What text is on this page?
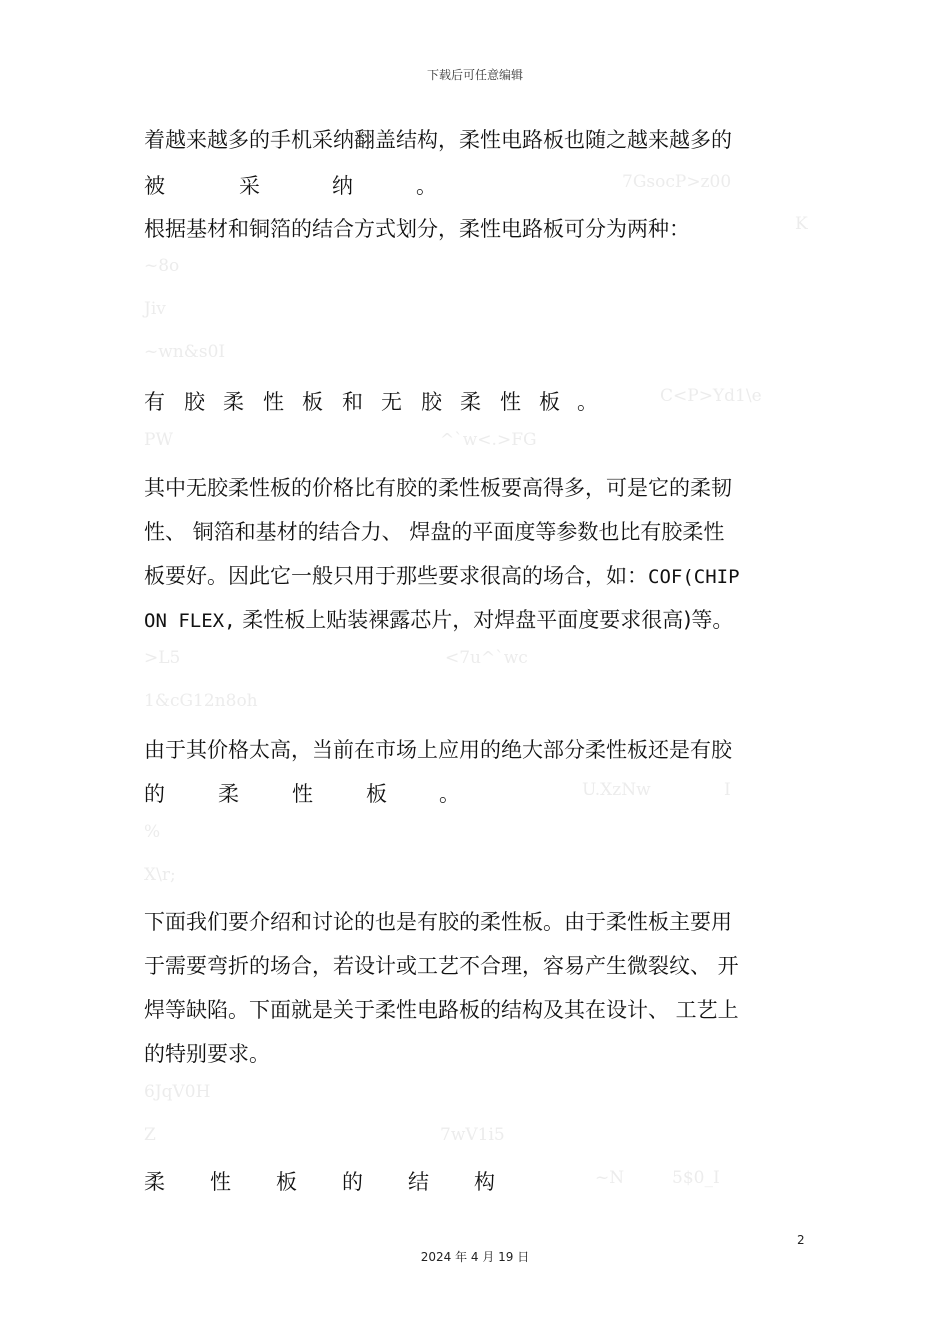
下载后可任意编辑
7GsocP>z00
K
~8o
Jiv
~wn&s0I
C<P>Yd1\e
PW	^`w<.>FG
>L5	<7u^`wc
1&cG12n8oh
U.XzNw	I
%
X\r;
6JqV0H
Z	7wV1i5
~N	5$0_I
着越来越多的手机采纳翻盖结构，柔性电路板也随之越来越多的
被	采	纳	。
根据基材和铜箔的结合方式划分，柔性电路板可分为两种：
有 胶 柔 性 板 和 无 胶 柔 性 板 。
其中无胶柔性板的价格比有胶的柔性板要高得多，可是它的柔韧
性、 铜箔和基材的结合力、 焊盘的平面度等参数也比有胶柔性
板要好。因此它一般只用于那些要求很高的场合，如：COF(CHIP
ON FLEX, 柔性板上贴装裸露芯片，对焊盘平面度要求很高)等。
由于其价格太高，当前在市场上应用的绝大部分柔性板还是有胶
的	柔	性	板 。
下面我们要介绍和讨论的也是有胶的柔性板。由于柔性板主要用
于需要弯折的场合，若设计或工艺不合理，容易产生微裂纹、 开
焊等缺陷。下面就是关于柔性电路板的结构及其在设计、 工艺上
的特别要求。
柔 性 板 的 结 构
2
2024 年 4 月 19 日
